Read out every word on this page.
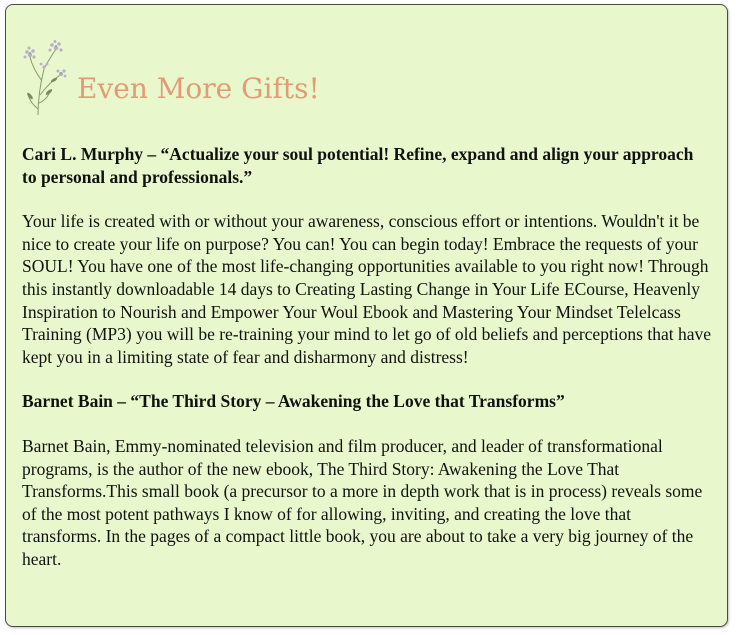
Even More Gifts!

Cari L. Murphy – “Actualize your soul potential! Refine, expand and align your approach to personal and professionals.”

Your life is created with or without your awareness, conscious effort or intentions. Wouldn't it be nice to create your life on purpose? You can! You can begin today! Embrace the requests of your SOUL! You have one of the most life-changing opportunities available to you right now! Through this instantly downloadable 14 days to Creating Lasting Change in Your Life ECourse, Heavenly Inspiration to Nourish and Empower Your Woul Ebook and Mastering Your Mindset Telelcass Training (MP3) you will be re-training your mind to let go of old beliefs and perceptions that have kept you in a limiting state of fear and disharmony and distress!

Barnet Bain – “The Third Story – Awakening the Love that Transforms”

Barnet Bain, Emmy-nominated television and film producer, and leader of transformational programs, is the author of the new ebook, The Third Story: Awakening the Love That Transforms.This small book (a precursor to a more in depth work that is in process) reveals some of the most potent pathways I know of for allowing, inviting, and creating the love that transforms. In the pages of a compact little book, you are about to take a very big journey of the heart.
